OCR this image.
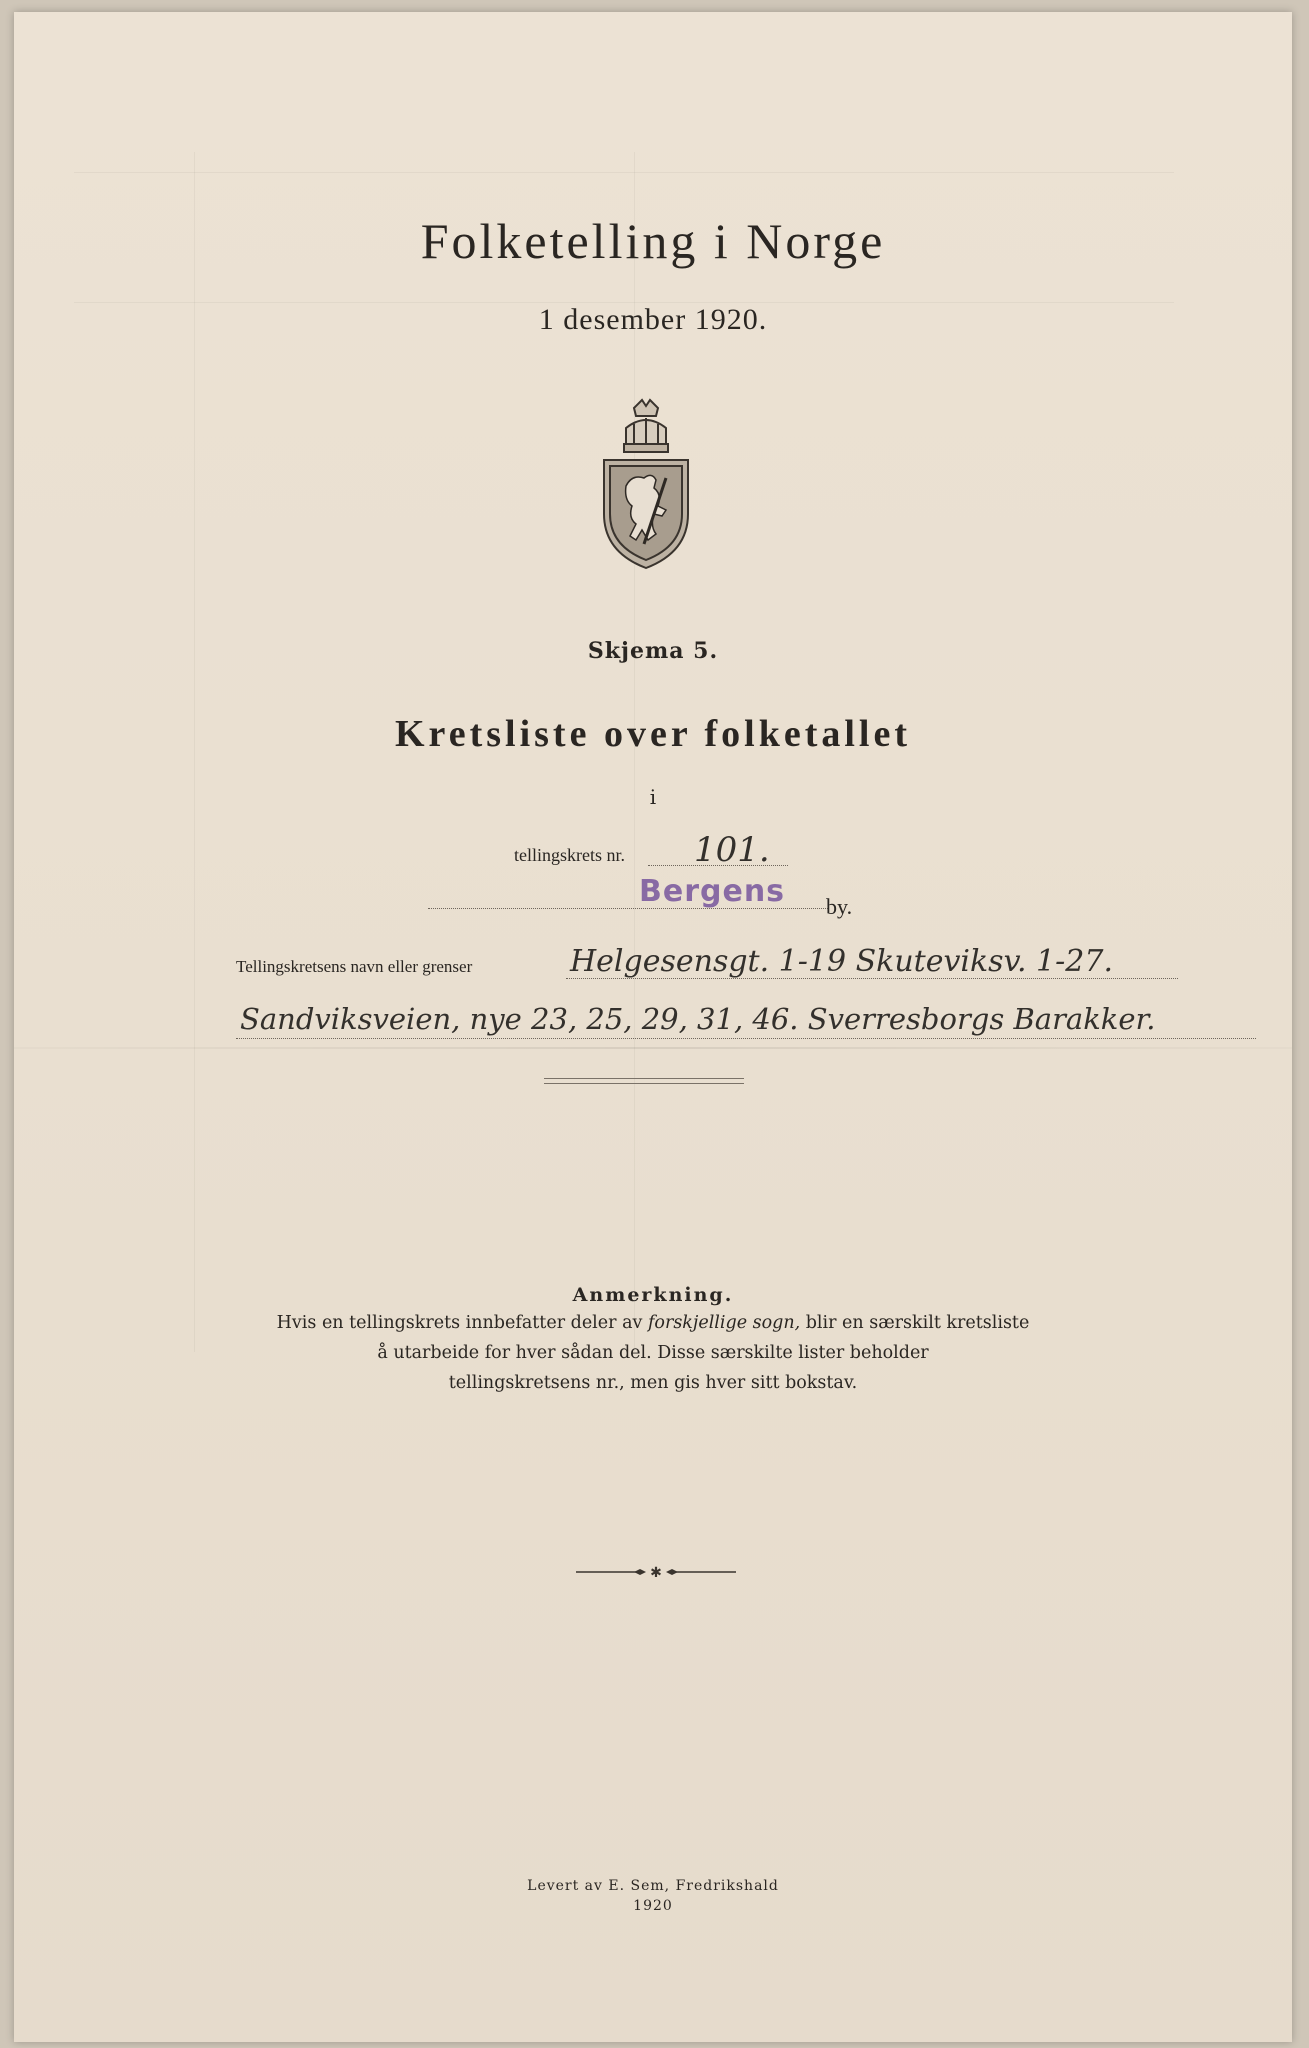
Folketelling i Norge
1 desember 1920.
Skjema 5.
Kretsliste over folketallet
i
tellingskrets nr. 101.
Bergens by.
Tellingskretsens navn eller grenser	Helgesensgt. 1-19 Skuteviksv. 1-27.
Sandviksveien, nye 23, 25, 29, 31, 46. Sverresborgs Barakker.
Anmerkning.
Hvis en tellingskrets innbefatter deler av forskjellige sogn, blir en særskilt kretsliste
å utarbeide for hver sådan del. Disse særskilte lister beholder
tellingskretsens nr., men gis hver sitt bokstav.
✱
Levert av E. Sem, Fredrikshald
1920
